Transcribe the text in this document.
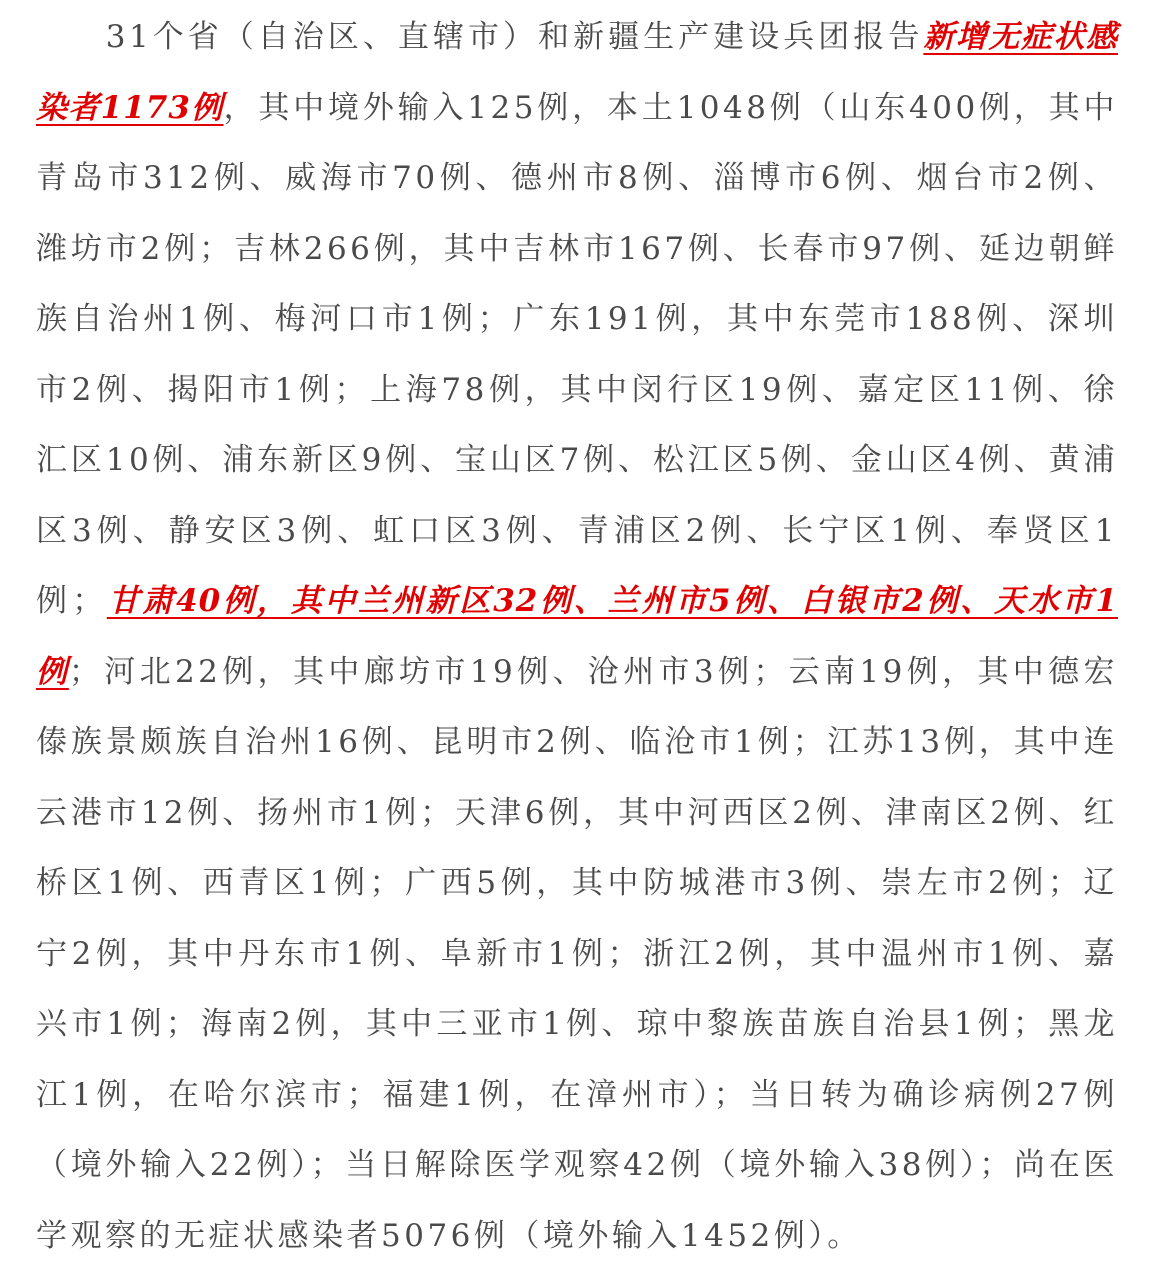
31个省（自治区、直辖市）和新疆生产建设兵团报告新增无症状感染者1173例，其中境外输入125例，本土1048例（山东400例，其中青岛市312例、威海市70例、德州市8例、淄博市6例、烟台市2例、潍坊市2例；吉林266例，其中吉林市167例、长春市97例、延边朝鲜族自治州1例、梅河口市1例；广东191例，其中东莞市188例、深圳市2例、揭阳市1例；上海78例，其中闵行区19例、嘉定区11例、徐汇区10例、浦东新区9例、宝山区7例、松江区5例、金山区4例、黄浦区3例、静安区3例、虹口区3例、青浦区2例、长宁区1例、奉贤区1例；甘肃40例，其中兰州新区32例、兰州市5例、白银市2例、天水市1例；河北22例，其中廊坊市19例、沧州市3例；云南19例，其中德宏傣族景颇族自治州16例、昆明市2例、临沧市1例；江苏13例，其中连云港市12例、扬州市1例；天津6例，其中河西区2例、津南区2例、红桥区1例、西青区1例；广西5例，其中防城港市3例、崇左市2例；辽宁2例，其中丹东市1例、阜新市1例；浙江2例，其中温州市1例、嘉兴市1例；海南2例，其中三亚市1例、琼中黎族苗族自治县1例；黑龙江1例，在哈尔滨市；福建1例，在漳州市）；当日转为确诊病例27例（境外输入22例）；当日解除医学观察42例（境外输入38例）；尚在医学观察的无症状感染者5076例（境外输入1452例）。
